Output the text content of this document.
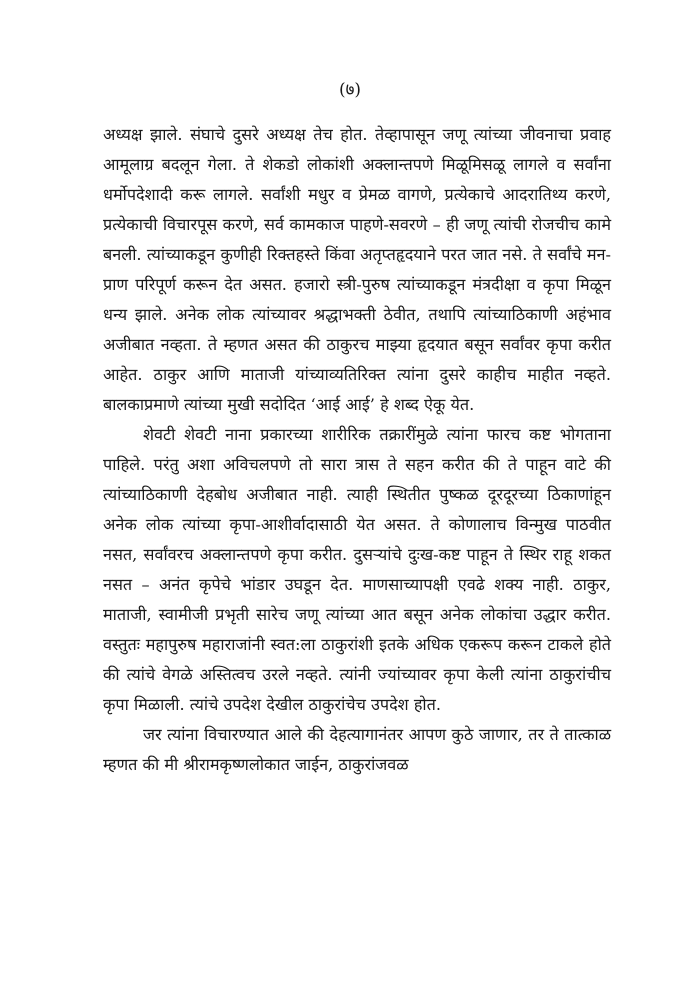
(७)

अध्यक्ष झाले. संघाचे दुसरे अध्यक्ष तेच होत. तेव्हापासून जणू त्यांच्या जीवनाचा प्रवाह आमूलाग्र बदलून गेला. ते शेकडो लोकांशी अक्लान्तपणे मिळूमिसळू लागले व सर्वांना धर्मोपदेशादी करू लागले. सर्वांशी मधुर व प्रेमळ वागणे, प्रत्येकाचे आदरातिथ्य करणे, प्रत्येकाची विचारपूस करणे, सर्व कामकाज पाहणे-सवरणे – ही जणू त्यांची रोजचीच कामे बनली. त्यांच्याकडून कुणीही रिक्तहस्ते किंवा अतृप्तहृदयाने परत जात नसे. ते सर्वांचे मन-प्राण परिपूर्ण करून देत असत. हजारो स्त्री-पुरुष त्यांच्याकडून मंत्रदीक्षा व कृपा मिळून धन्य झाले. अनेक लोक त्यांच्यावर श्रद्धाभक्ती ठेवीत, तथापि त्यांच्याठिकाणी अहंभाव अजीबात नव्हता. ते म्हणत असत की ठाकुरच माझ्या हृदयात बसून सर्वांवर कृपा करीत आहेत. ठाकुर आणि माताजी यांच्याव्यतिरिक्त त्यांना दुसरे काहीच माहीत नव्हते. बालकाप्रमाणे त्यांच्या मुखी सदोदित ‘आई आई’ हे शब्द ऐकू येत.

शेवटी शेवटी नाना प्रकारच्या शारीरिक तक्रारींमुळे त्यांना फारच कष्ट भोगताना पाहिले. परंतु अशा अविचलपणे तो सारा त्रास ते सहन करीत की ते पाहून वाटे की त्यांच्याठिकाणी देहबोध अजीबात नाही. त्याही स्थितीत पुष्कळ दूरदूरच्या ठिकाणांहून अनेक लोक त्यांच्या कृपा-आशीर्वादासाठी येत असत. ते कोणालाच विन्मुख पाठवीत नसत, सर्वांवरच अक्लान्तपणे कृपा करीत. दुसऱ्यांचे दुःख-कष्ट पाहून ते स्थिर राहू शकत नसत – अनंत कृपेचे भांडार उघडून देत. माणसाच्यापक्षी एवढे शक्य नाही. ठाकुर, माताजी, स्वामीजी प्रभृती सारेच जणू त्यांच्या आत बसून अनेक लोकांचा उद्धार करीत. वस्तुतः महापुरुष महाराजांनी स्वत:ला ठाकुरांशी इतके अधिक एकरूप करून टाकले होते की त्यांचे वेगळे अस्तित्वच उरले नव्हते. त्यांनी ज्यांच्यावर कृपा केली त्यांना ठाकुरांचीच कृपा मिळाली. त्यांचे उपदेश देखील ठाकुरांचेच उपदेश होत.

जर त्यांना विचारण्यात आले की देहत्यागानंतर आपण कुठे जाणार, तर ते तात्काळ म्हणत की मी श्रीरामकृष्णलोकात जाईन, ठाकुरांजवळ
